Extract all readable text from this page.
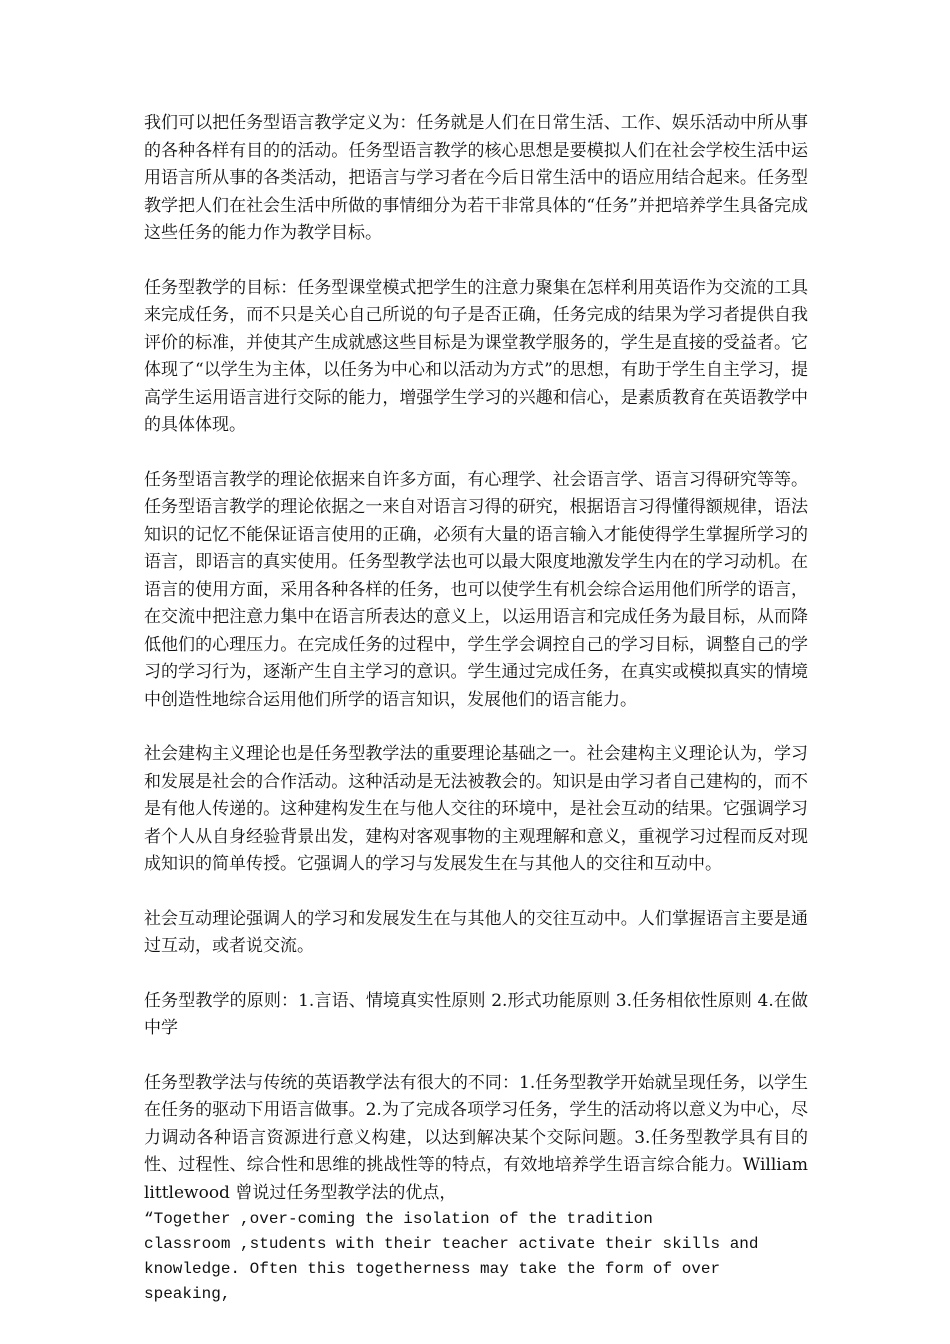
我们可以把任务型语言教学定义为：任务就是人们在日常生活、工作、娱乐活动中所从事的各种各样有目的的活动。任务型语言教学的核心思想是要模拟人们在社会学校生活中运用语言所从事的各类活动，把语言与学习者在今后日常生活中的语应用结合起来。任务型教学把人们在社会生活中所做的事情细分为若干非常具体的“任务”并把培养学生具备完成这些任务的能力作为教学目标。

任务型教学的目标：任务型课堂模式把学生的注意力聚集在怎样利用英语作为交流的工具来完成任务，而不只是关心自己所说的句子是否正确，任务完成的结果为学习者提供自我评价的标准，并使其产生成就感这些目标是为课堂教学服务的，学生是直接的受益者。它体现了“以学生为主体，以任务为中心和以活动为方式”的思想，有助于学生自主学习，提高学生运用语言进行交际的能力，增强学生学习的兴趣和信心，是素质教育在英语教学中的具体体现。

任务型语言教学的理论依据来自许多方面，有心理学、社会语言学、语言习得研究等等。任务型语言教学的理论依据之一来自对语言习得的研究，根据语言习得懂得额规律，语法知识的记忆不能保证语言使用的正确，必须有大量的语言输入才能使得学生掌握所学习的语言，即语言的真实使用。任务型教学法也可以最大限度地激发学生内在的学习动机。在语言的使用方面，采用各种各样的任务，也可以使学生有机会综合运用他们所学的语言，在交流中把注意力集中在语言所表达的意义上，以运用语言和完成任务为最目标，从而降低他们的心理压力。在完成任务的过程中，学生学会调控自己的学习目标，调整自己的学习的学习行为，逐渐产生自主学习的意识。学生通过完成任务，在真实或模拟真实的情境中创造性地综合运用他们所学的语言知识，发展他们的语言能力。

社会建构主义理论也是任务型教学法的重要理论基础之一。社会建构主义理论认为，学习和发展是社会的合作活动。这种活动是无法被教会的。知识是由学习者自己建构的，而不是有他人传递的。这种建构发生在与他人交往的环境中，是社会互动的结果。它强调学习者个人从自身经验背景出发，建构对客观事物的主观理解和意义，重视学习过程而反对现成知识的简单传授。它强调人的学习与发展发生在与其他人的交往和互动中。

社会互动理论强调人的学习和发展发生在与其他人的交往互动中。人们掌握语言主要是通过互动，或者说交流。

任务型教学的原则：1.言语、情境真实性原则 2.形式功能原则 3.任务相依性原则 4.在做中学

任务型教学法与传统的英语教学法有很大的不同：1.任务型教学开始就呈现任务，以学生在任务的驱动下用语言做事。2.为了完成各项学习任务，学生的活动将以意义为中心，尽力调动各种语言资源进行意义构建，以达到解决某个交际问题。3.任务型教学具有目的性、过程性、综合性和思维的挑战性等的特点，有效地培养学生语言综合能力。William littlewood 曾说过任务型教学法的优点，

“Together ,over-coming the isolation of the tradition

classroom ,students with their teacher activate their skills and

knowledge. Often this togetherness may take the form of over speaking,
